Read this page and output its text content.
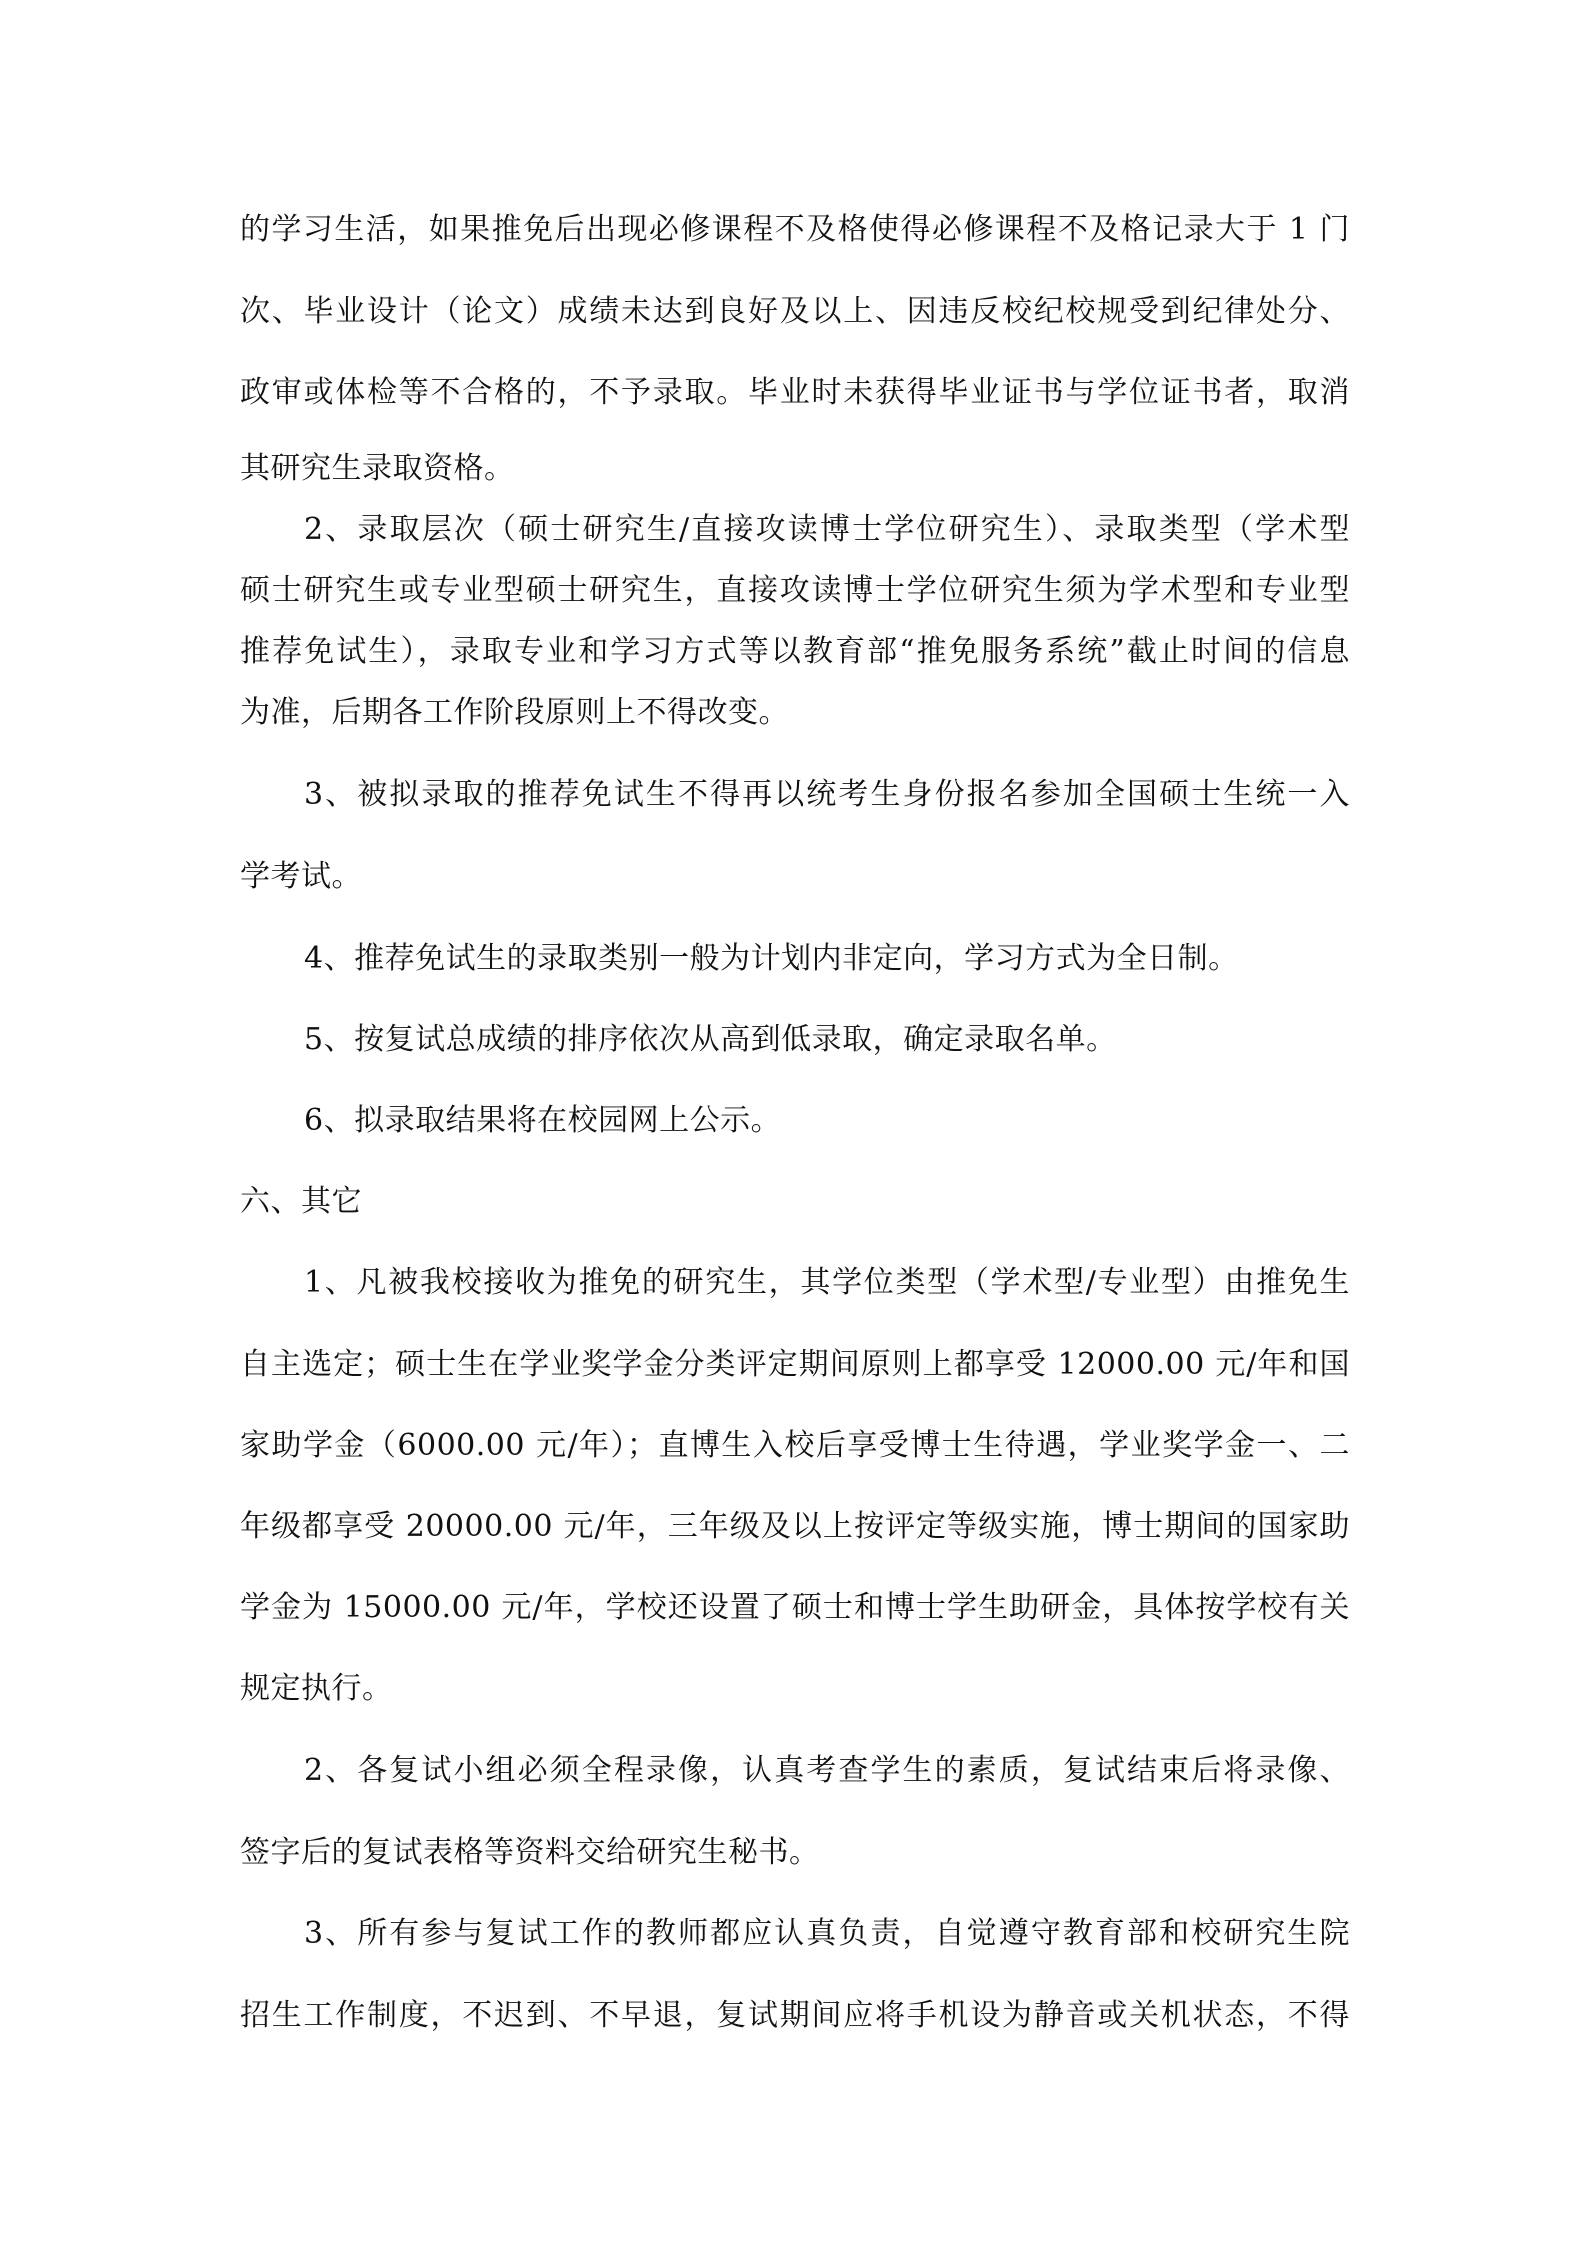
的学习生活，如果推免后出现必修课程不及格使得必修课程不及格记录大于 1 门
次、毕业设计（论文）成绩未达到良好及以上、因违反校纪校规受到纪律处分、
政审或体检等不合格的，不予录取。毕业时未获得毕业证书与学位证书者，取消
其研究生录取资格。
2、录取层次（硕士研究生/直接攻读博士学位研究生）、录取类型（学术型
硕士研究生或专业型硕士研究生，直接攻读博士学位研究生须为学术型和专业型
推荐免试生），录取专业和学习方式等以教育部“推免服务系统”截止时间的信息
为准，后期各工作阶段原则上不得改变。
3、被拟录取的推荐免试生不得再以统考生身份报名参加全国硕士生统一入
学考试。
4、推荐免试生的录取类别一般为计划内非定向，学习方式为全日制。
5、按复试总成绩的排序依次从高到低录取，确定录取名单。
6、拟录取结果将在校园网上公示。
六、其它
1、凡被我校接收为推免的研究生，其学位类型（学术型/专业型）由推免生
自主选定；硕士生在学业奖学金分类评定期间原则上都享受 12000.00 元/年和国
家助学金（6000.00 元/年）；直博生入校后享受博士生待遇，学业奖学金一、二
年级都享受 20000.00 元/年，三年级及以上按评定等级实施，博士期间的国家助
学金为 15000.00 元/年，学校还设置了硕士和博士学生助研金，具体按学校有关
规定执行。
2、各复试小组必须全程录像，认真考查学生的素质，复试结束后将录像、
签字后的复试表格等资料交给研究生秘书。
3、所有参与复试工作的教师都应认真负责，自觉遵守教育部和校研究生院
招生工作制度，不迟到、不早退，复试期间应将手机设为静音或关机状态，不得
